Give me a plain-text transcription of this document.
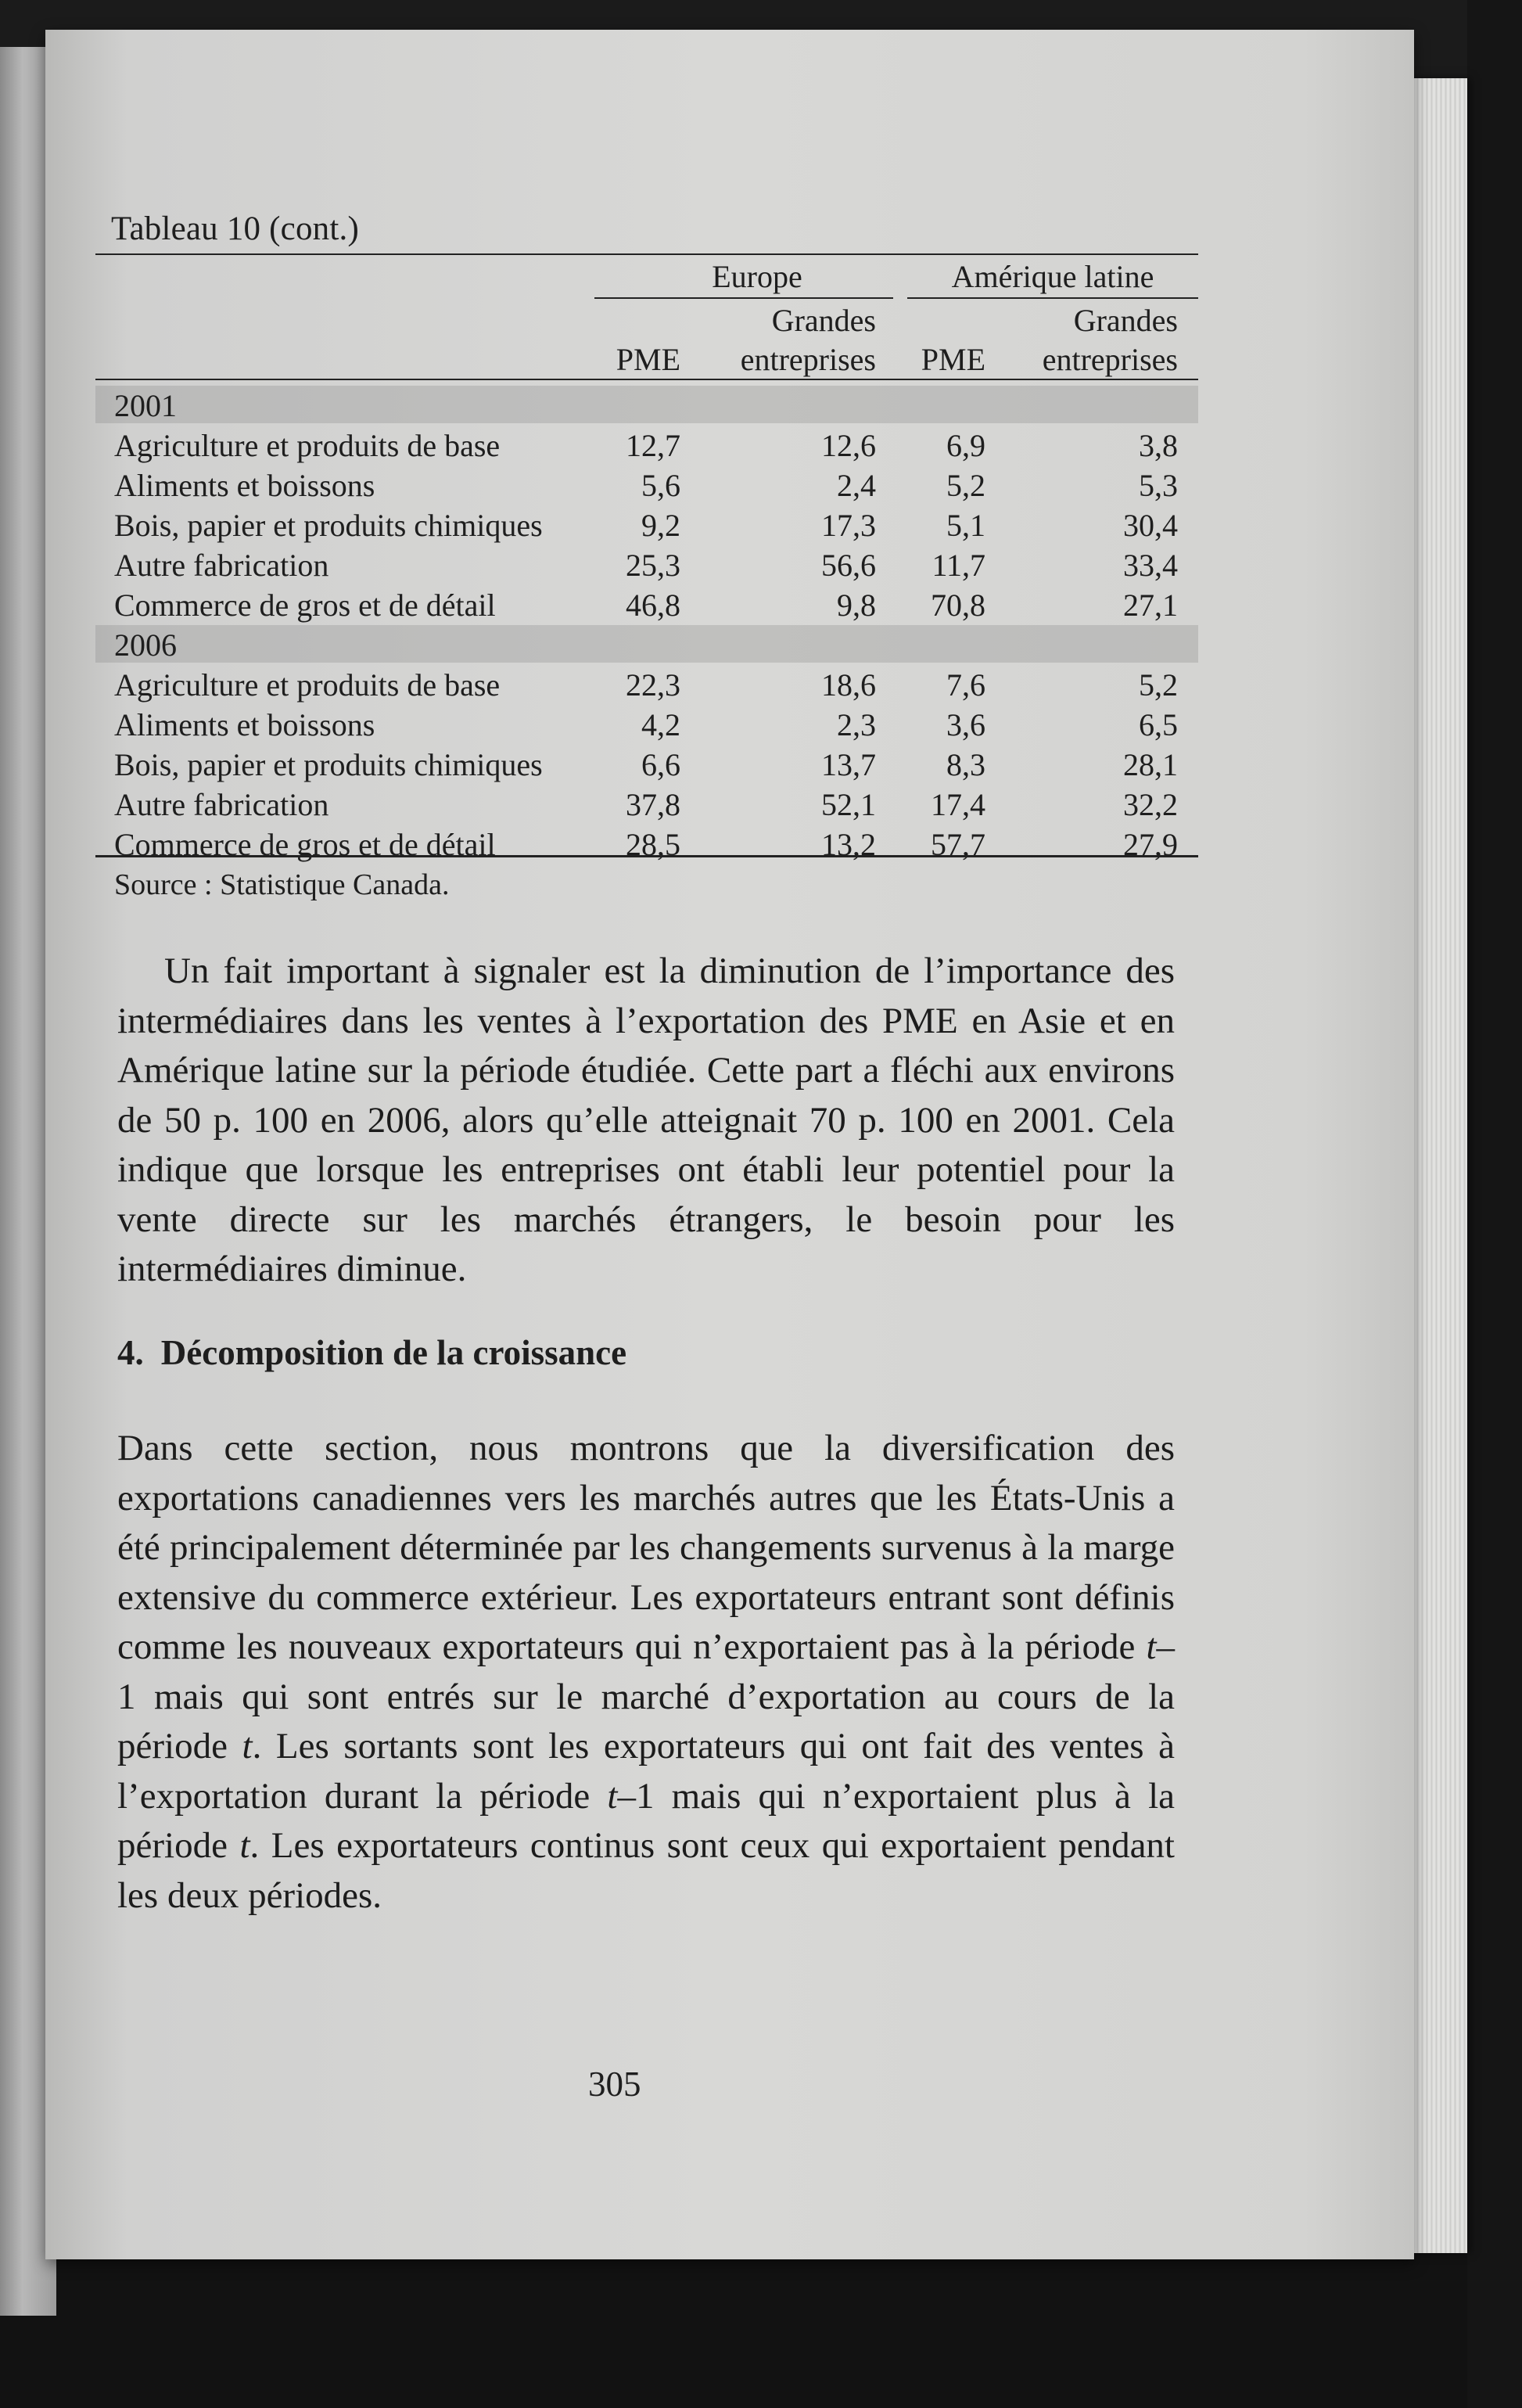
Tableau 10 (cont.)
Europe	Amérique latine
Grandes	Grandes
PME	entreprises	PME	entreprises
2001
Agriculture et produits de base	12,7	12,6	6,9	3,8
Aliments et boissons	5,6	2,4	5,2	5,3
Bois, papier et produits chimiques	9,2	17,3	5,1	30,4
Autre fabrication	25,3	56,6	11,7	33,4
Commerce de gros et de détail	46,8	9,8	70,8	27,1
2006
Agriculture et produits de base	22,3	18,6	7,6	5,2
Aliments et boissons	4,2	2,3	3,6	6,5
Bois, papier et produits chimiques	6,6	13,7	8,3	28,1
Autre fabrication	37,8	52,1	17,4	32,2
Commerce de gros et de détail	28,5	13,2	57,7	27,9
Source : Statistique Canada.

Un fait important à signaler est la diminution de l’importance des intermédiaires dans les ventes à l’exportation des PME en Asie et en Amérique latine sur la période étudiée. Cette part a fléchi aux environs de 50 p. 100 en 2006, alors qu’elle atteignait 70 p. 100 en 2001. Cela indique que lorsque les entreprises ont établi leur potentiel pour la vente directe sur les marchés étrangers, le besoin pour les intermédiaires diminue.

4. Décomposition de la croissance

Dans cette section, nous montrons que la diversification des exportations canadiennes vers les marchés autres que les États-Unis a été principalement déterminée par les changements survenus à la marge extensive du commerce extérieur. Les exportateurs entrant sont définis comme les nouveaux exportateurs qui n’exportaient pas à la période t–1 mais qui sont entrés sur le marché d’exportation au cours de la période t. Les sortants sont les exportateurs qui ont fait des ventes à l’exportation durant la période t–1 mais qui n’exportaient plus à la période t. Les exportateurs continus sont ceux qui exportaient pendant les deux périodes.

305
